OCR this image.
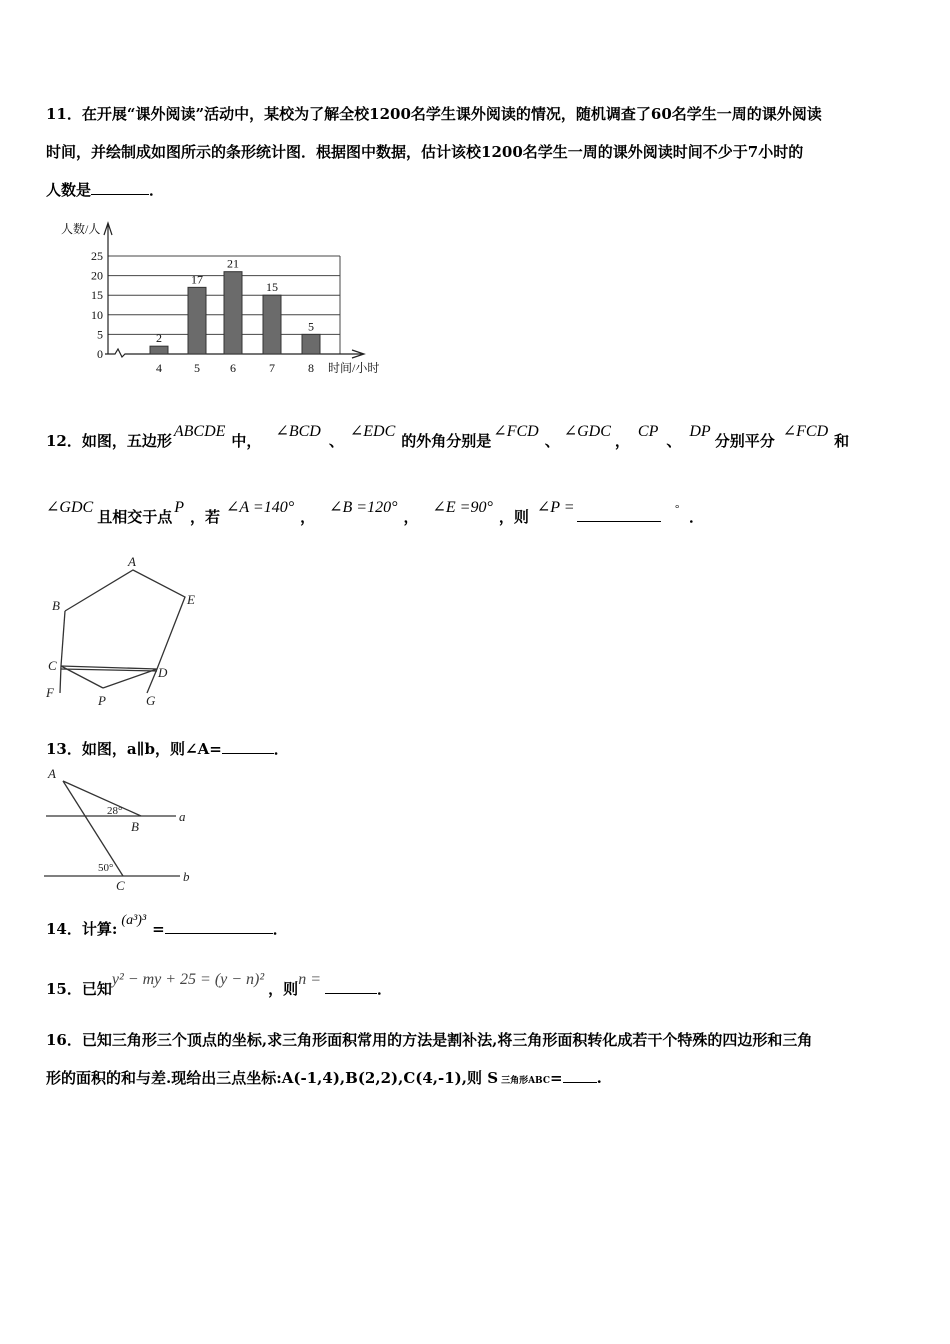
11．在开展“课外阅读”活动中，某校为了解全校1200名学生课外阅读的情况，随机调查了60名学生一周的课外阅读
时间，并绘制成如图所示的条形统计图．根据图中数据，估计该校1200名学生一周的课外阅读时间不少于7小时的
人数是	．
0
5
10
15
20
25
人数/人
时间/小时
2
4
17
5
21
6
15
7
5
8
12．如图，五边形ABCDE中，∠BCD、∠EDC的外角分别是∠FCD、∠GDC，CP、DP分别平分∠FCD和
∠GDC且相交于点P，若∠A =140°，∠B =120°，∠E =90°，则∠P =	° ．
A
B	E
C	D
F
P	G
13．如图，a∥b，则∠A=	．
A
28°
B
a
50°
C
b
14．计算: (a³)³ =	．
15．已知y² − my + 25 = (y − n)²，则n =．
16．已知三角形三个顶点的坐标,求三角形面积常用的方法是割补法,将三角形面积转化成若干个特殊的四边形和三角
形的面积的和与差.现给出三点坐标:A(-1,4),B(2,2),C(4,-1),则 S 三角形ABC= .
